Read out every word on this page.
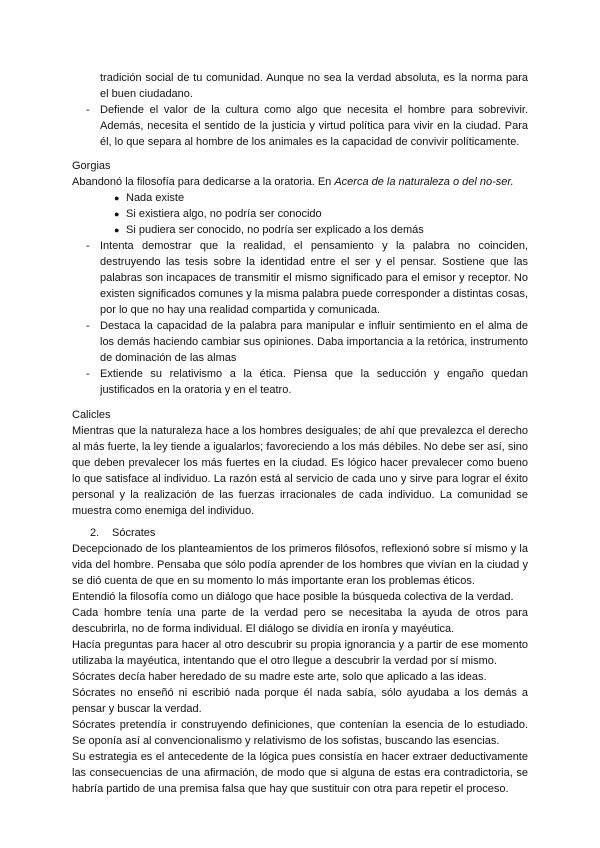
tradición social de tu comunidad. Aunque no sea la verdad absoluta, es la norma para el buen ciudadano.

- Defiende el valor de la cultura como algo que necesita el hombre para sobrevivir. Además, necesita el sentido de la justicia y virtud política para vivir en la ciudad. Para él, lo que separa al hombre de los animales es la capacidad de convivir políticamente.

Gorgias

Abandonó la filosofía para dedicarse a la oratoria. En Acerca de la naturaleza o del no-ser.

● Nada existe
● Si existiera algo, no podría ser conocido
● Si pudiera ser conocido, no podría ser explicado a los demás
- Intenta demostrar que la realidad, el pensamiento y la palabra no coinciden, destruyendo las tesis sobre la identidad entre el ser y el pensar. Sostiene que las palabras son incapaces de transmitir el mismo significado para el emisor y receptor. No existen significados comunes y la misma palabra puede corresponder a distintas cosas, por lo que no hay una realidad compartida y comunicada.
- Destaca la capacidad de la palabra para manipular e influir sentimiento en el alma de los demás haciendo cambiar sus opiniones. Daba importancia a la retórica, instrumento de dominación de las almas
- Extiende su relativismo a la ética. Piensa que la seducción y engaño quedan justificados en la oratoria y en el teatro.

Calicles

Mientras que la naturaleza hace a los hombres desiguales; de ahí que prevalezca el derecho al más fuerte, la ley tiende a igualarlos; favoreciendo a los más débiles. No debe ser así, sino que deben prevalecer los más fuertes en la ciudad. Es lógico hacer prevalecer como bueno lo que satisface al individuo. La razón está al servicio de cada uno y sirve para lograr el éxito personal y la realización de las fuerzas irracionales de cada individuo. La comunidad se muestra como enemiga del individuo.

2.	Sócrates

Decepcionado de los planteamientos de los primeros filósofos, reflexionó sobre sí mismo y la vida del hombre. Pensaba que sólo podía aprender de los hombres que vivían en la ciudad y se dió cuenta de que en su momento lo más importante eran los problemas éticos.

Entendió la filosofía como un diálogo que hace posible la búsqueda colectiva de la verdad.

Cada hombre tenía una parte de la verdad pero se necesitaba la ayuda de otros para descubrirla, no de forma individual. El diálogo se dividía en ironía y mayéutica.

Hacía preguntas para hacer al otro descubrir su propia ignorancia y a partir de ese momento utilizaba la mayéutica, intentando que el otro llegue a descubrir la verdad por sí mismo.

Sócrates decía haber heredado de su madre este arte, solo que aplicado a las ideas.

Sócrates no enseñó ni escribió nada porque él nada sabía, sólo ayudaba a los demás a pensar y buscar la verdad.

Sócrates pretendía ir construyendo definiciones, que contenían la esencia de lo estudiado. Se oponía así al convencionalismo y relativismo de los sofistas, buscando las esencias.

Su estrategia es el antecedente de la lógica pues consistía en hacer extraer deductivamente las consecuencias de una afirmación, de modo que si alguna de estas era contradictoria, se habría partido de una premisa falsa que hay que sustituir con otra para repetir el proceso.
